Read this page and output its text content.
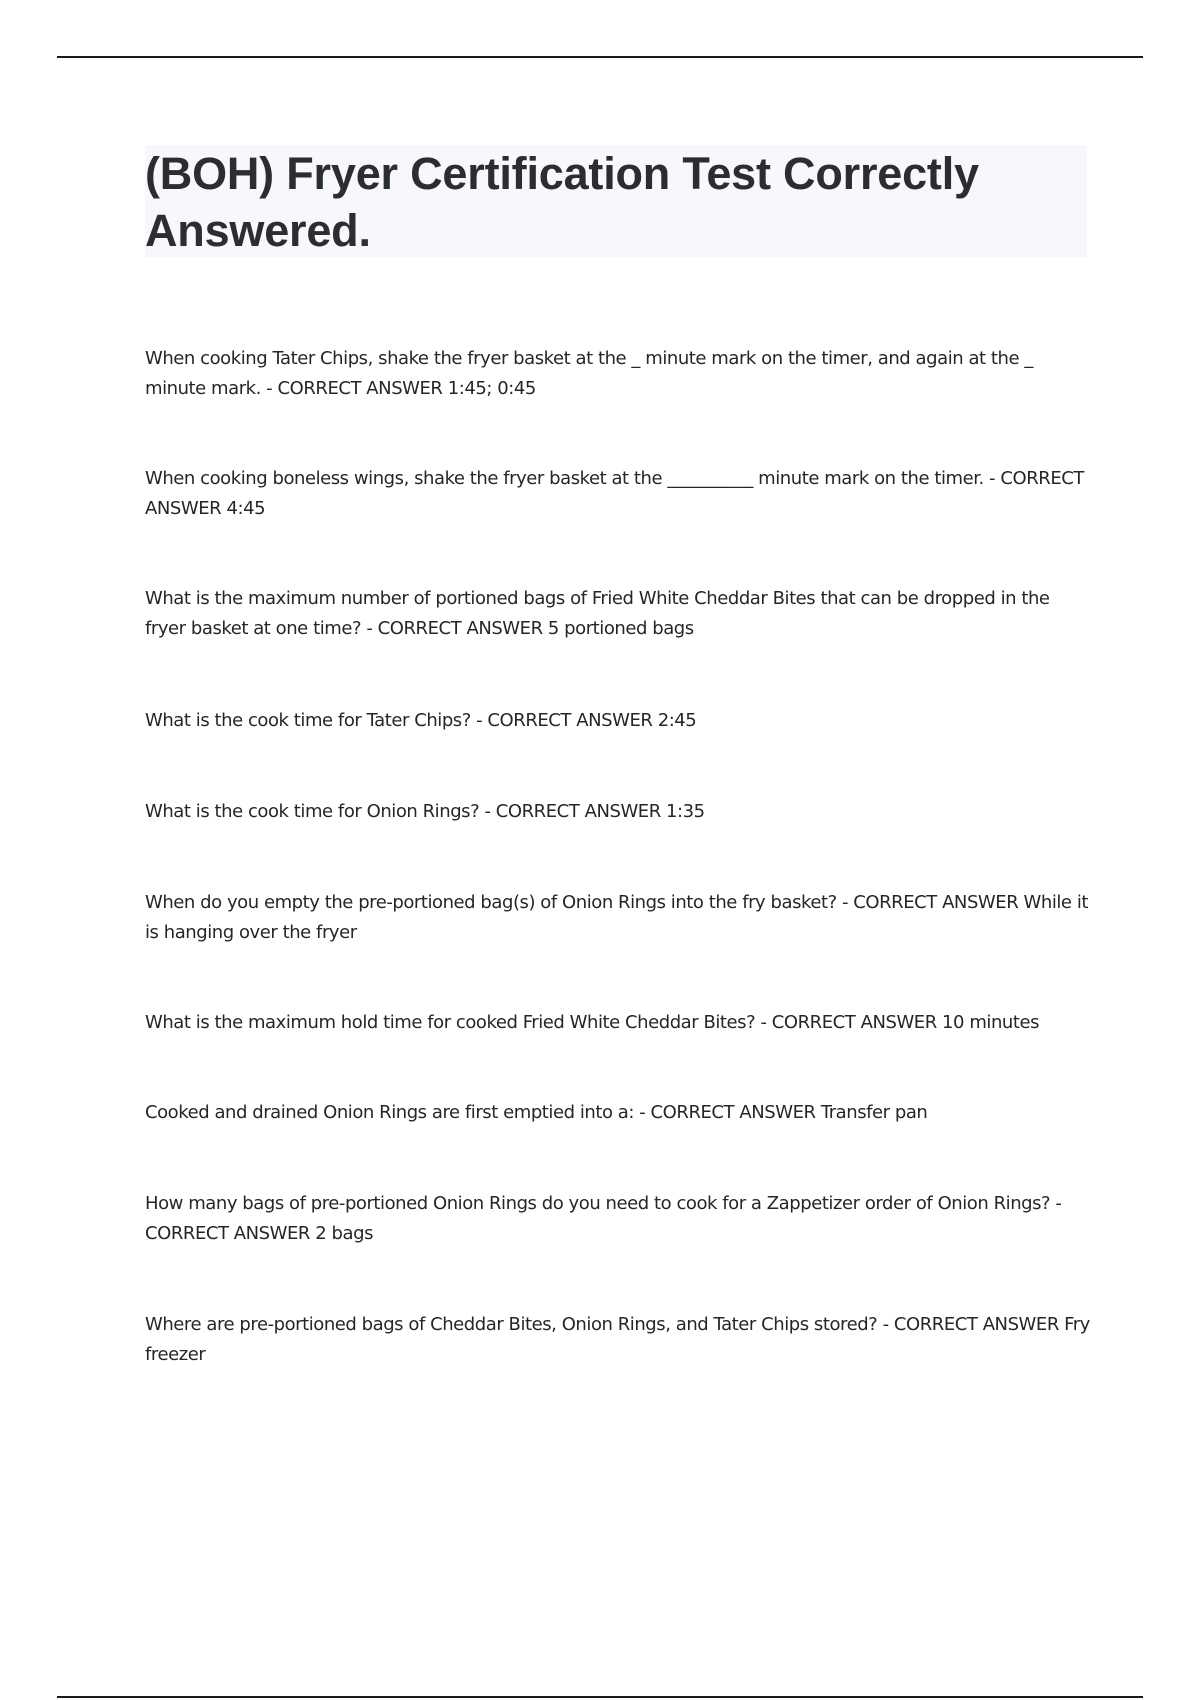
(BOH) Fryer Certification Test Correctly Answered.

When cooking Tater Chips, shake the fryer basket at the _ minute mark on the timer, and again at the _ minute mark. - CORRECT ANSWER 1:45; 0:45

When cooking boneless wings, shake the fryer basket at the __________ minute mark on the timer. - CORRECT ANSWER 4:45

What is the maximum number of portioned bags of Fried White Cheddar Bites that can be dropped in the fryer basket at one time? - CORRECT ANSWER 5 portioned bags

What is the cook time for Tater Chips? - CORRECT ANSWER 2:45

What is the cook time for Onion Rings? - CORRECT ANSWER 1:35

When do you empty the pre-portioned bag(s) of Onion Rings into the fry basket? - CORRECT ANSWER While it is hanging over the fryer

What is the maximum hold time for cooked Fried White Cheddar Bites? - CORRECT ANSWER 10 minutes

Cooked and drained Onion Rings are first emptied into a: - CORRECT ANSWER Transfer pan

How many bags of pre-portioned Onion Rings do you need to cook for a Zappetizer order of Onion Rings? - CORRECT ANSWER 2 bags

Where are pre-portioned bags of Cheddar Bites, Onion Rings, and Tater Chips stored? - CORRECT ANSWER Fry freezer
